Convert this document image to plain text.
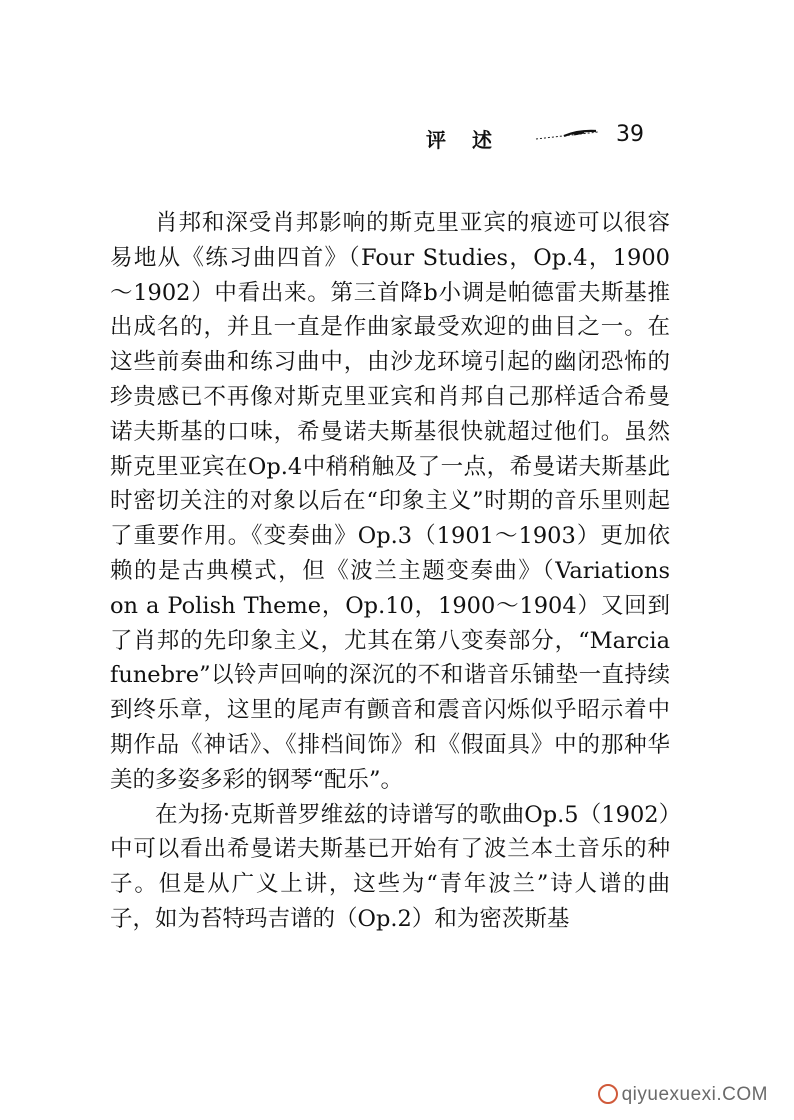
评述	39

肖邦和深受肖邦影响的斯克里亚宾的痕迹可以很容易地从《练习曲四首》（Four Studies，Op.4，1900～1902）中看出来。第三首降b小调是帕德雷夫斯基推出成名的，并且一直是作曲家最受欢迎的曲目之一。在这些前奏曲和练习曲中，由沙龙环境引起的幽闭恐怖的珍贵感已不再像对斯克里亚宾和肖邦自己那样适合希曼诺夫斯基的口味，希曼诺夫斯基很快就超过他们。虽然斯克里亚宾在Op.4中稍稍触及了一点，希曼诺夫斯基此时密切关注的对象以后在“印象主义”时期的音乐里则起了重要作用。《变奏曲》Op.3（1901～1903）更加依赖的是古典模式，但《波兰主题变奏曲》（Variations on a Polish Theme，Op.10，1900～1904）又回到了肖邦的先印象主义，尤其在第八变奏部分，“Marcia funebre”以铃声回响的深沉的不和谐音乐铺垫一直持续到终乐章，这里的尾声有颤音和震音闪烁似乎昭示着中期作品《神话》、《排档间饰》和《假面具》中的那种华美的多姿多彩的钢琴“配乐”。

在为扬·克斯普罗维兹的诗谱写的歌曲Op.5（1902）中可以看出希曼诺夫斯基已开始有了波兰本土音乐的种子。但是从广义上讲，这些为“青年波兰”诗人谱的曲子，如为苔特玛吉谱的（Op.2）和为密茨斯基

qiyuexuexi.COM
